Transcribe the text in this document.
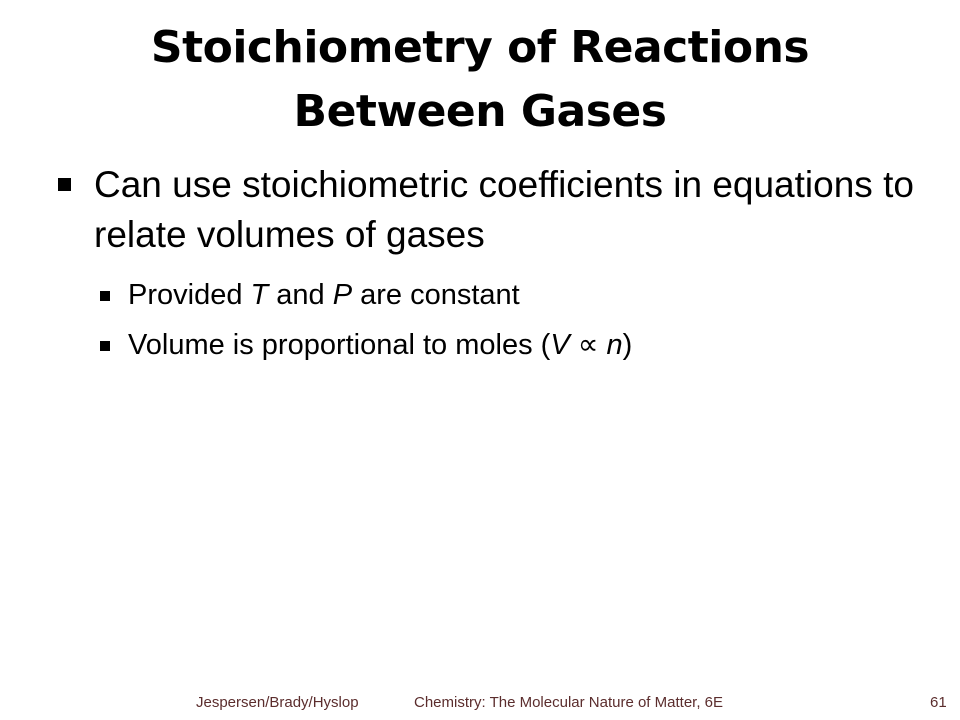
Stoichiometry of Reactions
Between Gases
Can use stoichiometric coefficients in equations to relate volumes of gases
Provided T and P are constant
Volume is proportional to moles (V ∝ n)
Jespersen/Brady/Hyslop	Chemistry: The Molecular Nature of Matter, 6E	61
